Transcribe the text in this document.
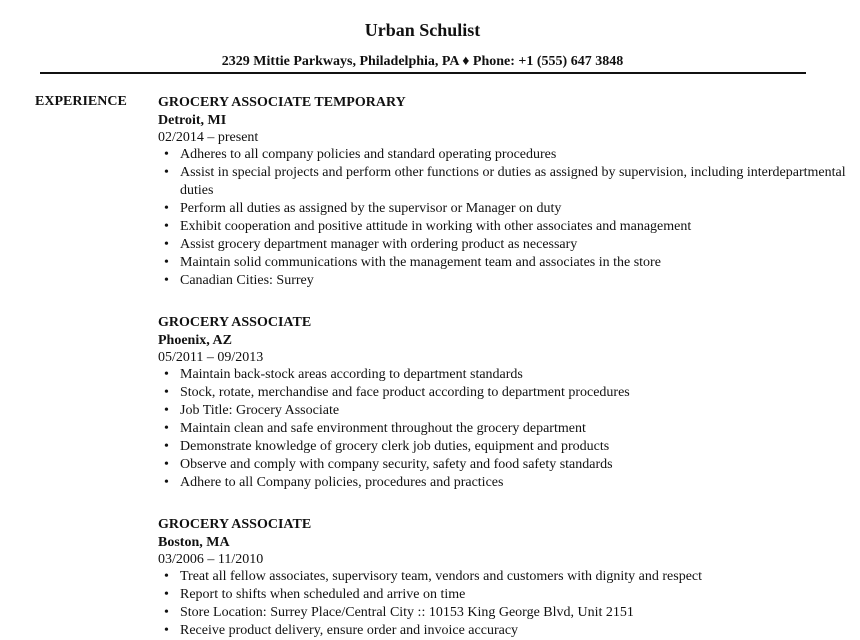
Urban Schulist
2329 Mittie Parkways, Philadelphia, PA ♦ Phone: +1 (555) 647 3848
EXPERIENCE GROCERY ASSOCIATE TEMPORARY
Detroit, MI
02/2014 – present
• Adheres to all company policies and standard operating procedures
• Assist in special projects and perform other functions or duties as assigned by supervision, including interdepartmental duties
• Perform all duties as assigned by the supervisor or Manager on duty
• Exhibit cooperation and positive attitude in working with other associates and management
• Assist grocery department manager with ordering product as necessary
• Maintain solid communications with the management team and associates in the store
• Canadian Cities: Surrey
GROCERY ASSOCIATE
Phoenix, AZ
05/2011 – 09/2013
• Maintain back-stock areas according to department standards
• Stock, rotate, merchandise and face product according to department procedures
• Job Title: Grocery Associate
• Maintain clean and safe environment throughout the grocery department
• Demonstrate knowledge of grocery clerk job duties, equipment and products
• Observe and comply with company security, safety and food safety standards
• Adhere to all Company policies, procedures and practices
GROCERY ASSOCIATE
Boston, MA
03/2006 – 11/2010
• Treat all fellow associates, supervisory team, vendors and customers with dignity and respect
• Report to shifts when scheduled and arrive on time
• Store Location: Surrey Place/Central City :: 10153 King George Blvd, Unit 2151
• Receive product delivery, ensure order and invoice accuracy
